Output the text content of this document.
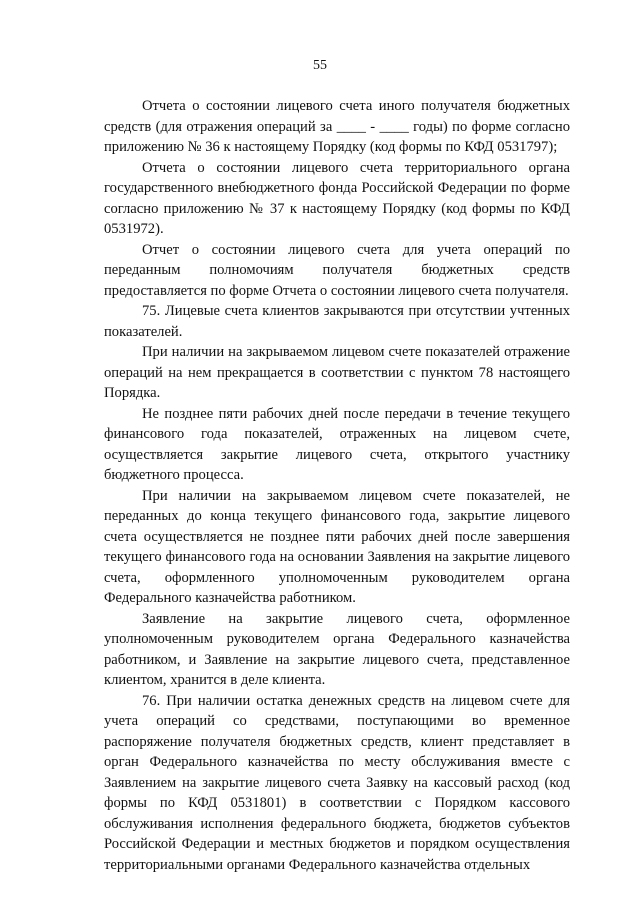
55

Отчета о состоянии лицевого счета иного получателя бюджетных средств (для отражения операций за ____ - ____ годы) по форме согласно приложению № 36 к настоящему Порядку (код формы по КФД 0531797);

Отчета о состоянии лицевого счета территориального органа государственного внебюджетного фонда Российской Федерации по форме согласно приложению № 37 к настоящему Порядку (код формы по КФД 0531972).

Отчет о состоянии лицевого счета для учета операций по переданным полномочиям получателя бюджетных средств предоставляется по форме Отчета о состоянии лицевого счета получателя.

75. Лицевые счета клиентов закрываются при отсутствии учтенных показателей.

При наличии на закрываемом лицевом счете показателей отражение операций на нем прекращается в соответствии с пунктом 78 настоящего Порядка.

Не позднее пяти рабочих дней после передачи в течение текущего финансового года показателей, отраженных на лицевом счете, осуществляется закрытие лицевого счета, открытого участнику бюджетного процесса.

При наличии на закрываемом лицевом счете показателей, не переданных до конца текущего финансового года, закрытие лицевого счета осуществляется не позднее пяти рабочих дней после завершения текущего финансового года на основании Заявления на закрытие лицевого счета, оформленного уполномоченным руководителем органа Федерального казначейства работником.

Заявление на закрытие лицевого счета, оформленное уполномоченным руководителем органа Федерального казначейства работником, и Заявление на закрытие лицевого счета, представленное клиентом, хранится в деле клиента.

76. При наличии остатка денежных средств на лицевом счете для учета операций со средствами, поступающими во временное распоряжение получателя бюджетных средств, клиент представляет в орган Федерального казначейства по месту обслуживания вместе с Заявлением на закрытие лицевого счета Заявку на кассовый расход (код формы по КФД 0531801) в соответствии с Порядком кассового обслуживания исполнения федерального бюджета, бюджетов субъектов Российской Федерации и местных бюджетов и порядком осуществления территориальными органами Федерального казначейства отдельных
